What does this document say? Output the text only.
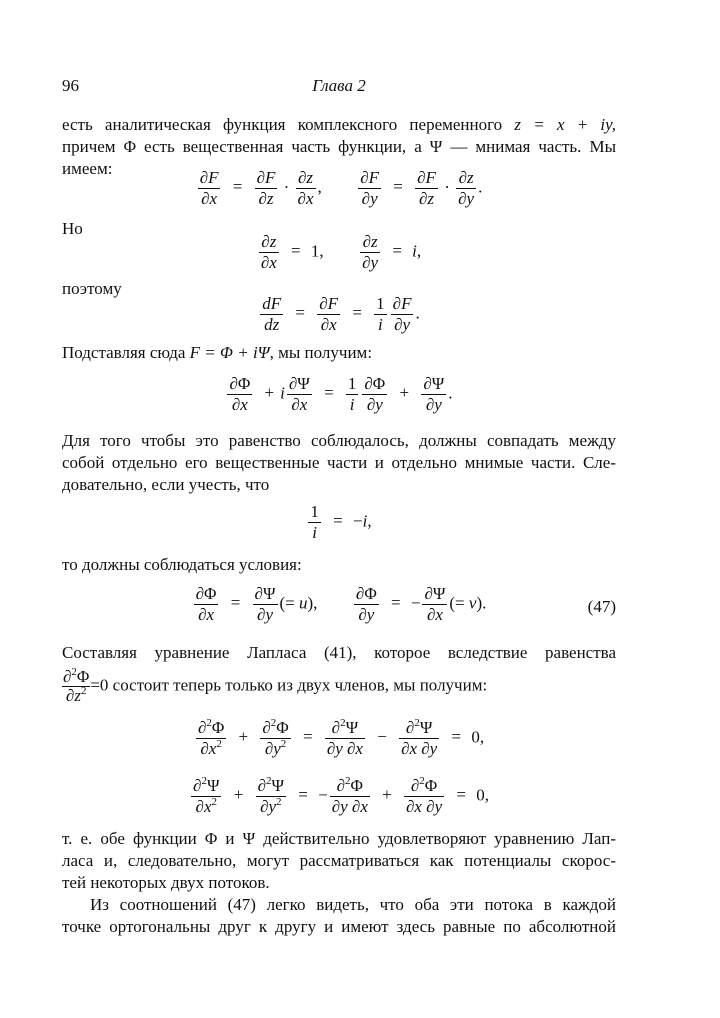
96	Глава 2
есть аналитическая функция комплексного переменного z = x + iy,
причем Φ есть вещественная часть функции, а Ψ — мнимая часть. Мы
имеем:	$\frac{\partial F}{\partial x} = \frac{\partial F}{\partial z} \cdot \frac{\partial z}{\partial x}$ , $\frac{\partial F}{\partial y} = \frac{\partial F}{\partial z} \cdot \frac{\partial z}{\partial y}$ .
Но
$\frac{\partial z}{\partial x} = 1$, $\frac{\partial z}{\partial y} = i$,
поэтому
$\frac{dF}{dz} = \frac{\partial F}{\partial x} = \frac{1}{i} \frac{\partial F}{\partial y}$ .
Подставляя сюда F = Φ + iΨ, мы получим:
$\frac{\partial\Phi}{\partial x} + i \frac{\partial\Psi}{\partial x} = \frac{1}{i} \frac{\partial\Phi}{\partial y} + \frac{\partial\Psi}{\partial y}$ .
Для того чтобы это равенство соблюдалось, должны совпадать между
собой отдельно его вещественные части и отдельно мнимые части. Сле-
довательно, если учесть, что
$\frac{1}{i} = -i$,
то должны соблюдаться условия:
$\frac{\partial\Phi}{\partial x} = \frac{\partial\Psi}{\partial y}$ (= u), $\frac{\partial\Phi}{\partial y}$ = − $\frac{\partial\Psi}{\partial x}$ (= v).	(47)
Составляя уравнение Лапласа (41), которое вследствие равенства
$\frac{\partial^2\Phi}{\partial z^2} =0$ состоит теперь только из двух членов, мы получим:
$\frac{\partial^2\Phi}{\partial x^2} + \frac{\partial^2\Phi}{\partial y^2} = \frac{\partial^2\Psi}{\partial y \partial x} - \frac{\partial^2\Psi}{\partial x \partial y} = 0$,
$\frac{\partial^2\Psi}{\partial x^2} + \frac{\partial^2\Psi}{\partial y^2}$ = − $\frac{\partial^2\Phi}{\partial y \partial x} + \frac{\partial^2\Phi}{\partial x \partial y} = 0$,
т. е. обе функции Φ и Ψ действительно удовлетворяют уравнению Лап-
ласа и, следовательно, могут рассматриваться как потенциалы скорос-
тей некоторых двух потоков.
Из соотношений (47) легко видеть, что оба эти потока в каждой
точке ортогональны друг к другу и имеют здесь равные по абсолютной
